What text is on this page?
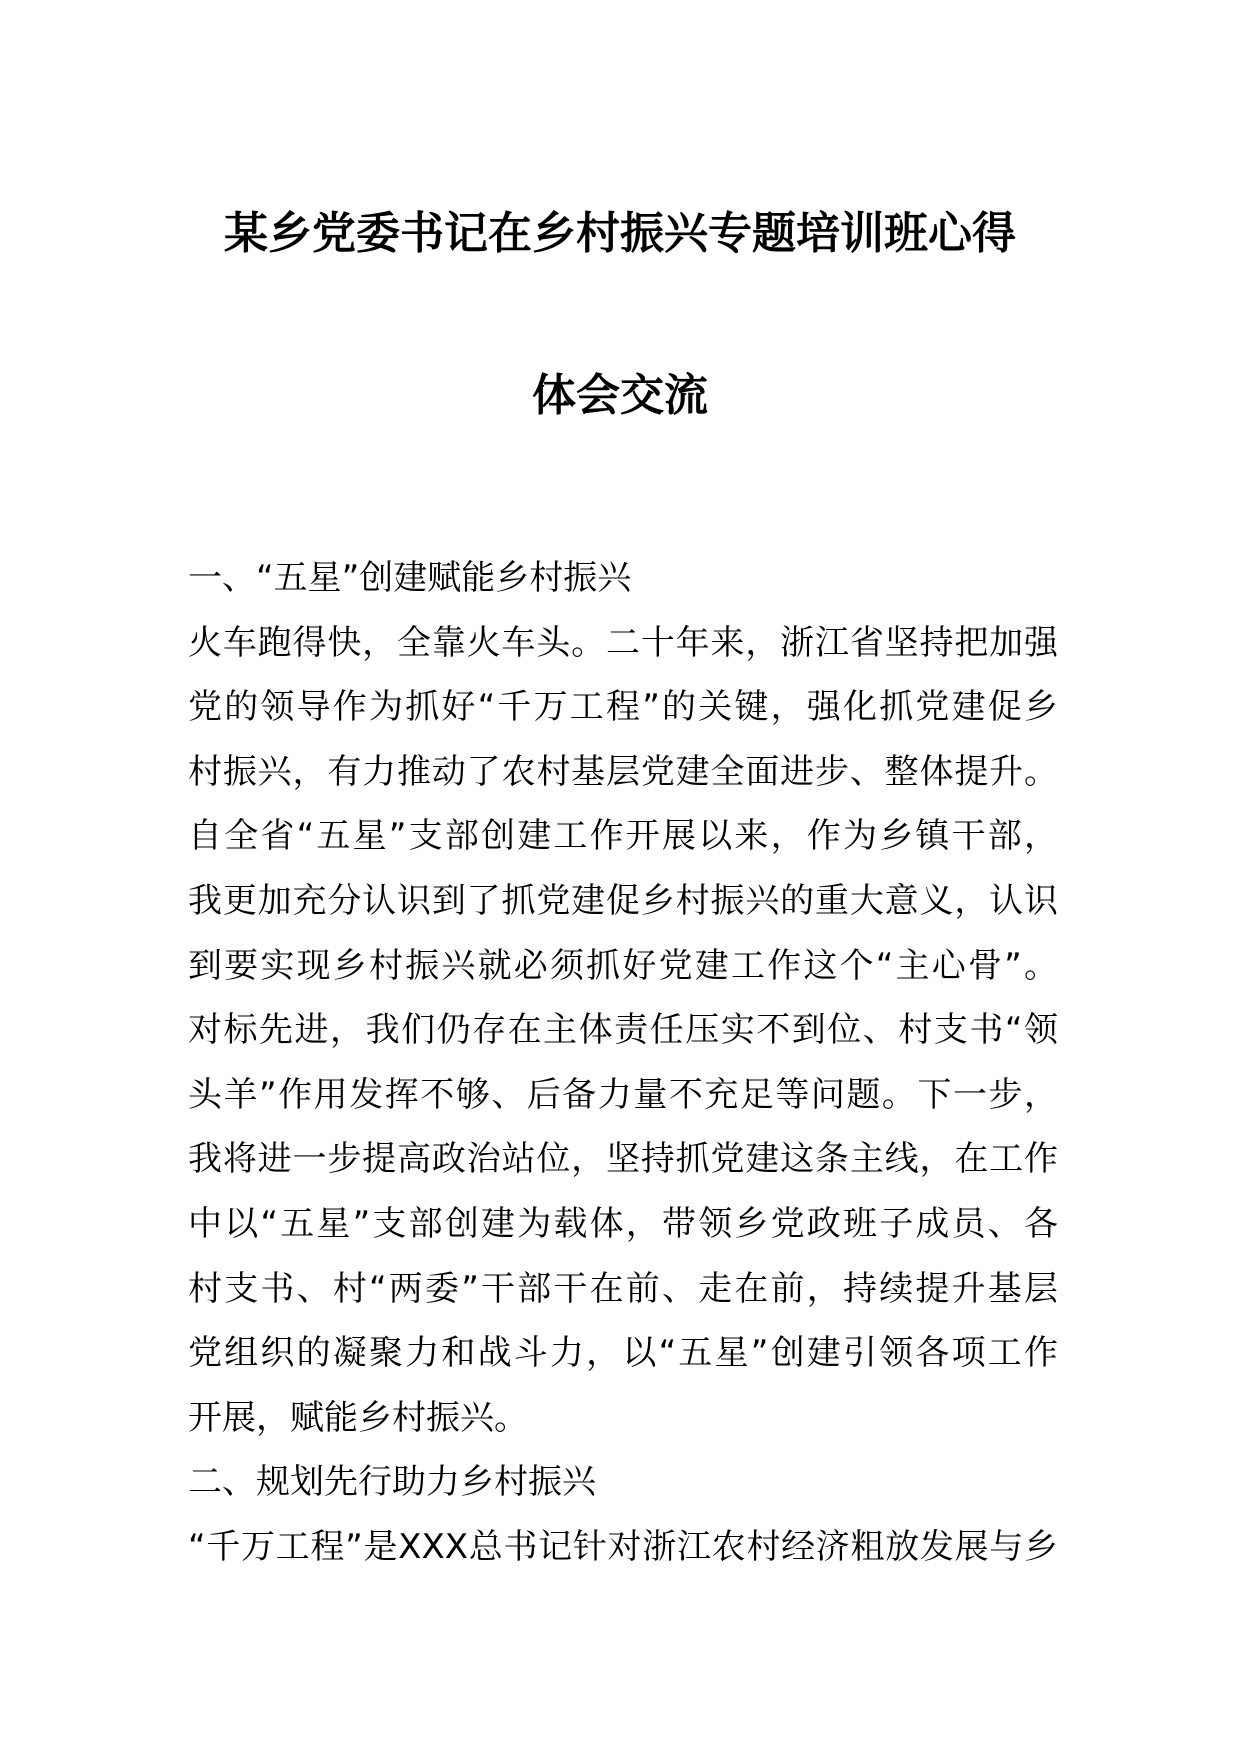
某乡党委书记在乡村振兴专题培训班心得
体会交流
一、“五星”创建赋能乡村振兴
火车跑得快，全靠火车头。二十年来，浙江省坚持把加强
党的领导作为抓好“千万工程”的关键，强化抓党建促乡
村振兴，有力推动了农村基层党建全面进步、整体提升。
自全省“五星”支部创建工作开展以来，作为乡镇干部，
我更加充分认识到了抓党建促乡村振兴的重大意义，认识
到要实现乡村振兴就必须抓好党建工作这个“主心骨”。
对标先进，我们仍存在主体责任压实不到位、村支书“领
头羊”作用发挥不够、后备力量不充足等问题。下一步，
我将进一步提高政治站位，坚持抓党建这条主线，在工作
中以“五星”支部创建为载体，带领乡党政班子成员、各
村支书、村“两委”干部干在前、走在前，持续提升基层
党组织的凝聚力和战斗力，以“五星”创建引领各项工作
开展，赋能乡村振兴。
二、规划先行助力乡村振兴
“千万工程”是XXX总书记针对浙江农村经济粗放发展与乡
